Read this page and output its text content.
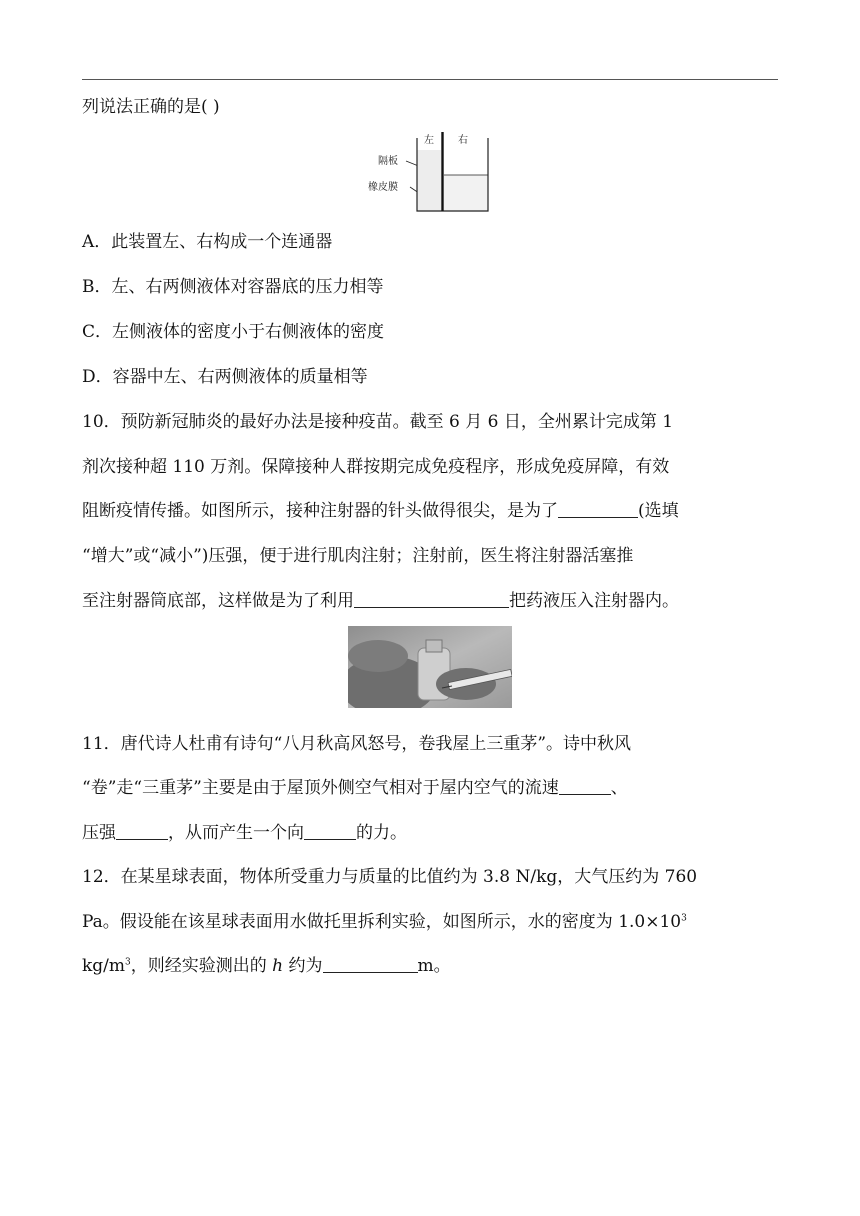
列说法正确的是( )
左 右
隔板
橡皮膜
A．此装置左、右构成一个连通器
B．左、右两侧液体对容器底的压力相等
C．左侧液体的密度小于右侧液体的密度
D．容器中左、右两侧液体的质量相等
10．预防新冠肺炎的最好办法是接种疫苗。截至 6 月 6 日，全州累计完成第 1
剂次接种超 110 万剂。保障接种人群按期完成免疫程序，形成免疫屏障，有效
阻断疫情传播。如图所示，接种注射器的针头做得很尖，是为了	(选填
“增大”或“减小”)压强，便于进行肌肉注射；注射前，医生将注射器活塞推
至注射器筒底部，这样做是为了利用	把药液压入注射器内。
11．唐代诗人杜甫有诗句“八月秋高风怒号，卷我屋上三重茅”。诗中秋风
“卷”走“三重茅”主要是由于屋顶外侧空气相对于屋内空气的流速	、
压强	，从而产生一个向	的力。
12．在某星球表面，物体所受重力与质量的比值约为 3.8 N/kg，大气压约为 760
Pa。假设能在该星球表面用水做托里拆利实验，如图所示，水的密度为 $1.0\times 10^3$
$kg/m^3$，则经实验测出的 h 约为	m。
